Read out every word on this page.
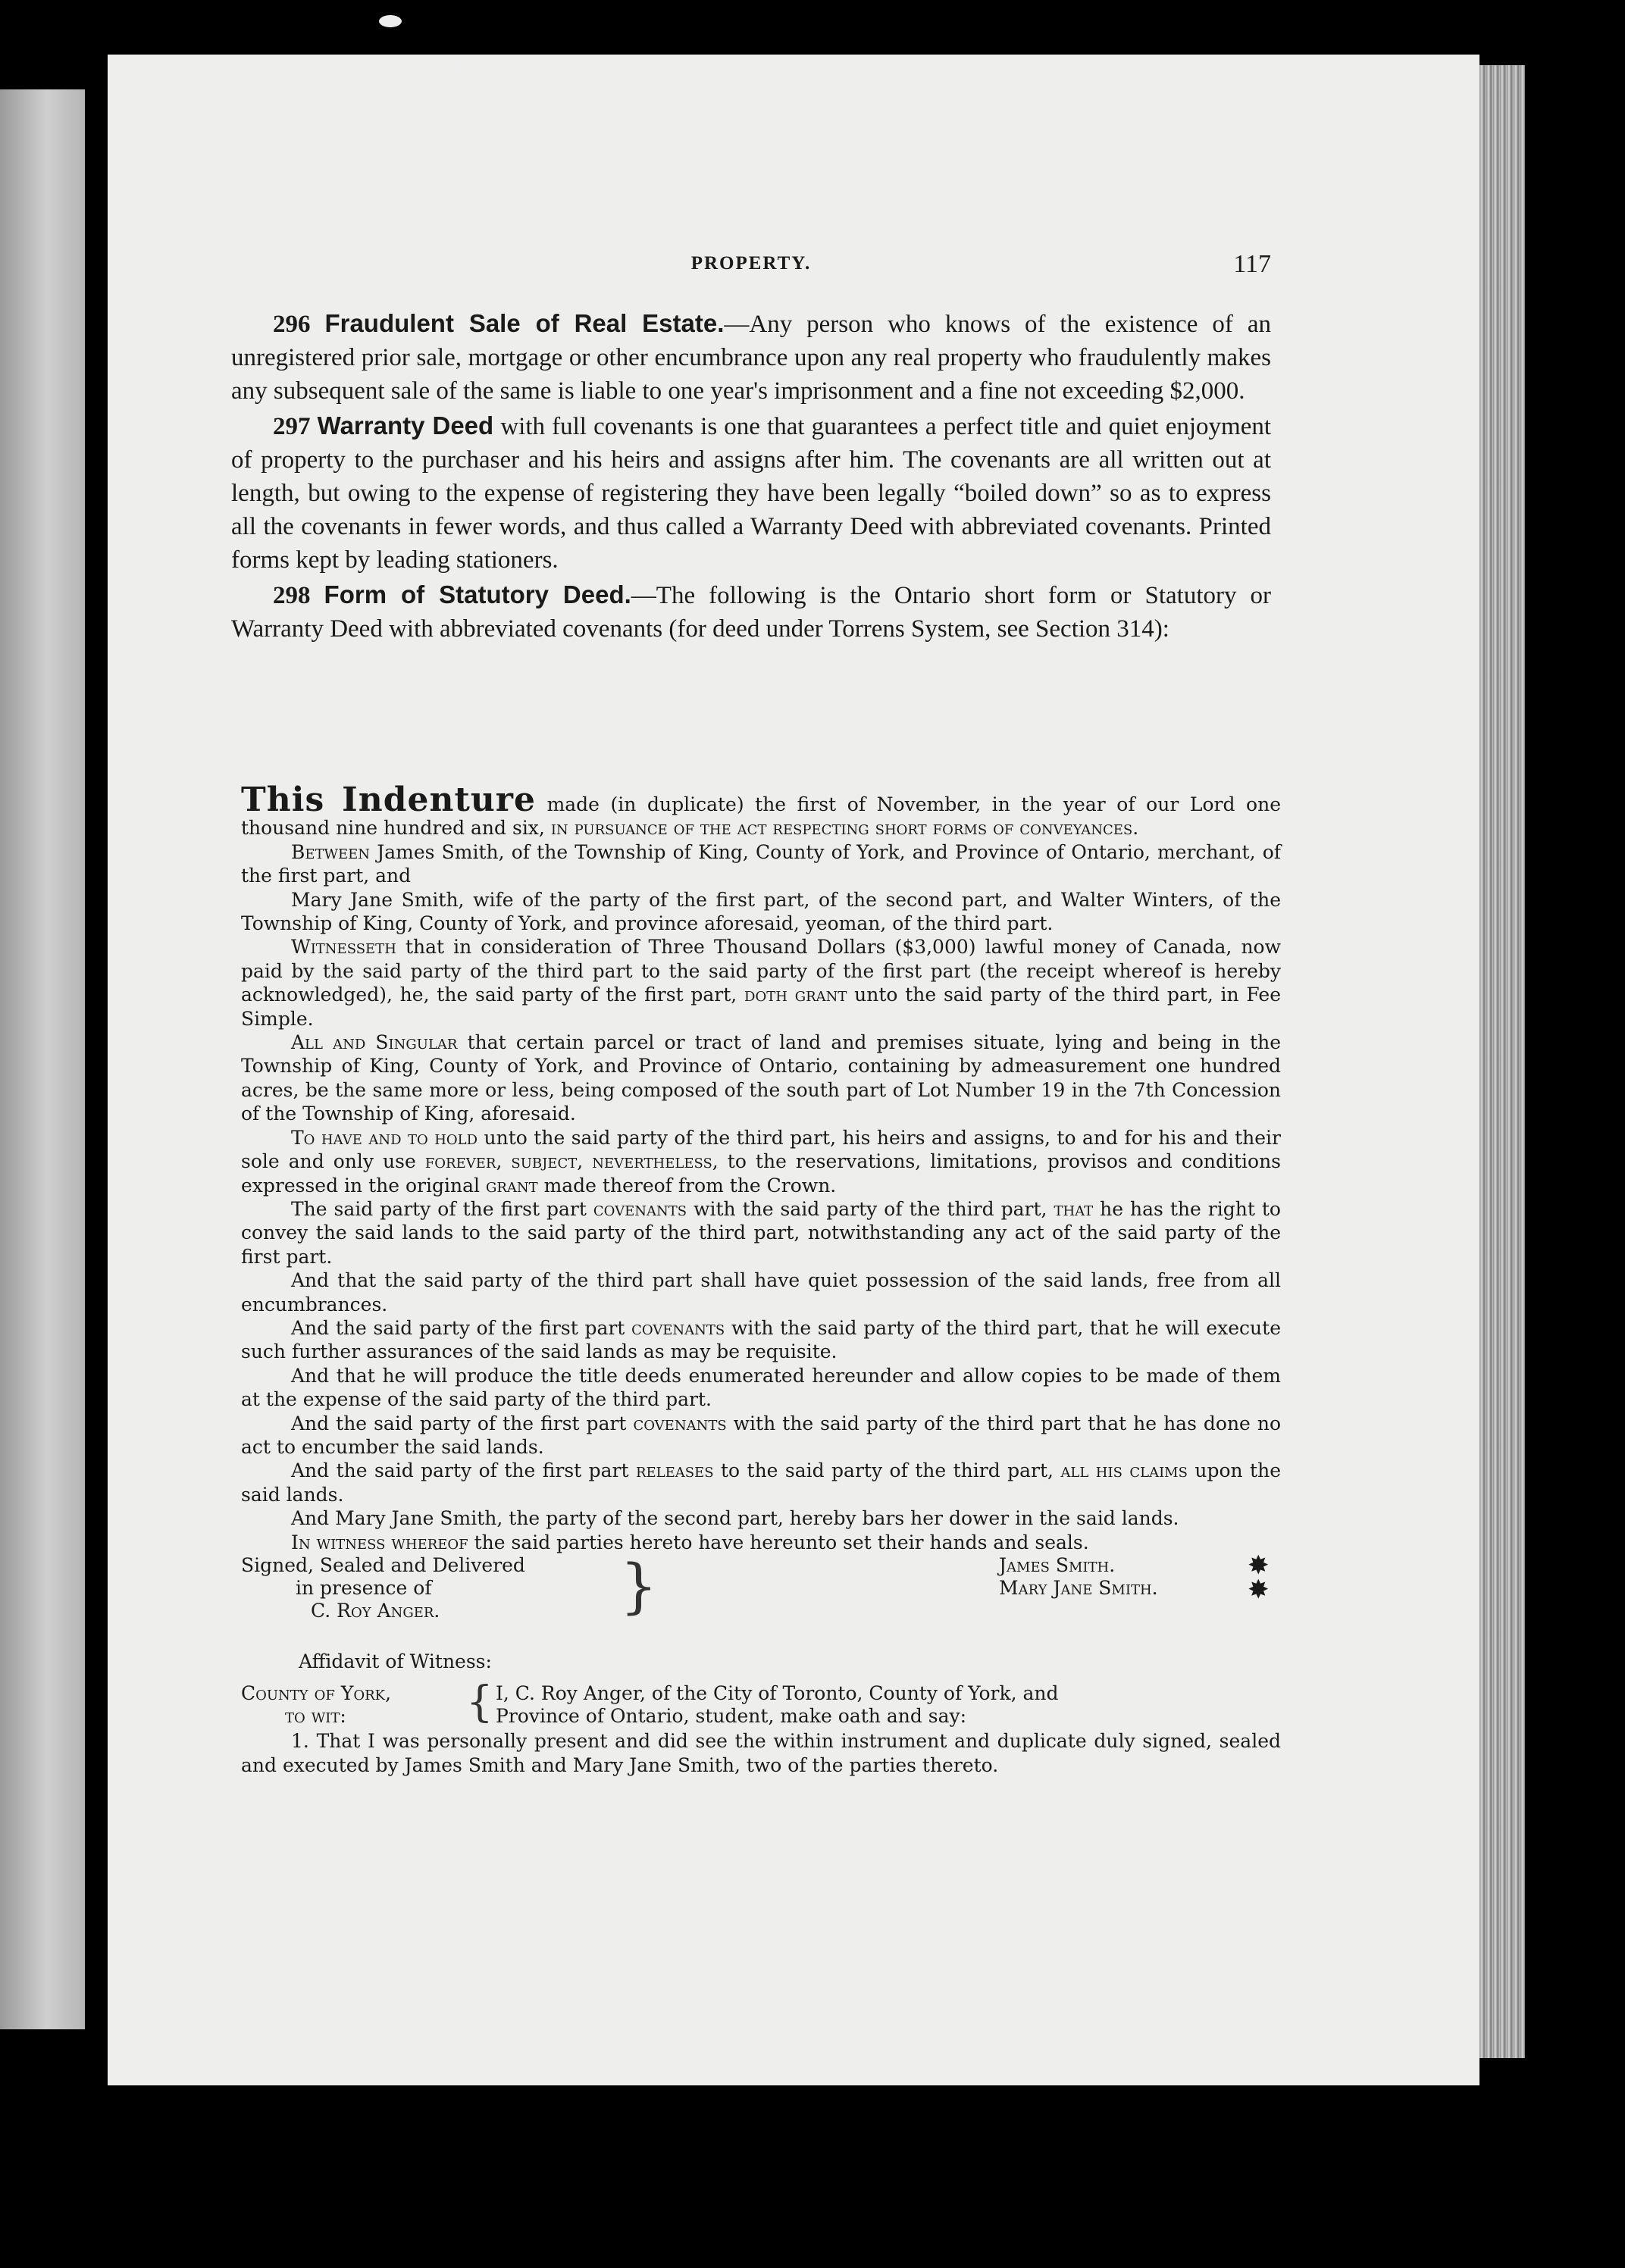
PROPERTY.	117

296 Fraudulent Sale of Real Estate.—Any person who knows of the existence of an unregistered prior sale, mortgage or other encumbrance upon any real property who fraudulently makes any subsequent sale of the same is liable to one year's imprisonment and a fine not exceeding $2,000.

297 Warranty Deed with full covenants is one that guarantees a perfect title and quiet enjoyment of property to the purchaser and his heirs and assigns after him. The covenants are all written out at length, but owing to the expense of registering they have been legally “boiled down” so as to express all the covenants in fewer words, and thus called a Warranty Deed with abbreviated covenants. Printed forms kept by leading stationers.

298 Form of Statutory Deed.—The following is the Ontario short form or Statutory or Warranty Deed with abbreviated covenants (for deed under Torrens System, see Section 314):

This Indenture made (in duplicate) the first of November, in the year of our Lord one thousand nine hundred and six, in pursuance of the act respecting short forms of conveyances.

Between James Smith, of the Township of King, County of York, and Province of Ontario, merchant, of the first part, and

Mary Jane Smith, wife of the party of the first part, of the second part, and Walter Winters, of the Township of King, County of York, and province aforesaid, yeoman, of the third part.

Witnesseth that in consideration of Three Thousand Dollars ($3,000) lawful money of Canada, now paid by the said party of the third part to the said party of the first part (the receipt whereof is hereby acknowledged), he, the said party of the first part, doth grant unto the said party of the third part, in Fee Simple.

All and Singular that certain parcel or tract of land and premises situate, lying and being in the Township of King, County of York, and Province of Ontario, containing by admeasurement one hundred acres, be the same more or less, being composed of the south part of Lot Number 19 in the 7th Concession of the Township of King, aforesaid.

To have and to hold unto the said party of the third part, his heirs and assigns, to and for his and their sole and only use forever, subject, nevertheless, to the reservations, limitations, provisos and conditions expressed in the original grant made thereof from the Crown.

The said party of the first part covenants with the said party of the third part, that he has the right to convey the said lands to the said party of the third part, notwithstanding any act of the said party of the first part.

And that the said party of the third part shall have quiet possession of the said lands, free from all encumbrances.

And the said party of the first part covenants with the said party of the third part, that he will execute such further assurances of the said lands as may be requisite.

And that he will produce the title deeds enumerated hereunder and allow copies to be made of them at the expense of the said party of the third part.

And the said party of the first part covenants with the said party of the third part that he has done no act to encumber the said lands.

And the said party of the first part releases to the said party of the third part, all his claims upon the said lands.

And Mary Jane Smith, the party of the second part, hereby bars her dower in the said lands.

In witness whereof the said parties hereto have hereunto set their hands and seals.

Signed, Sealed and Delivered
in presence of
C. Roy Anger.	}	James Smith.
Mary Jane Smith.
✸
✸

Affidavit of Witness:

County of York,
to wit:	{ I, C. Roy Anger, of the City of Toronto, County of York, and
Province of Ontario, student, make oath and say:

1. That I was personally present and did see the within instrument and duplicate duly signed, sealed and executed by James Smith and Mary Jane Smith, two of the parties thereto.
